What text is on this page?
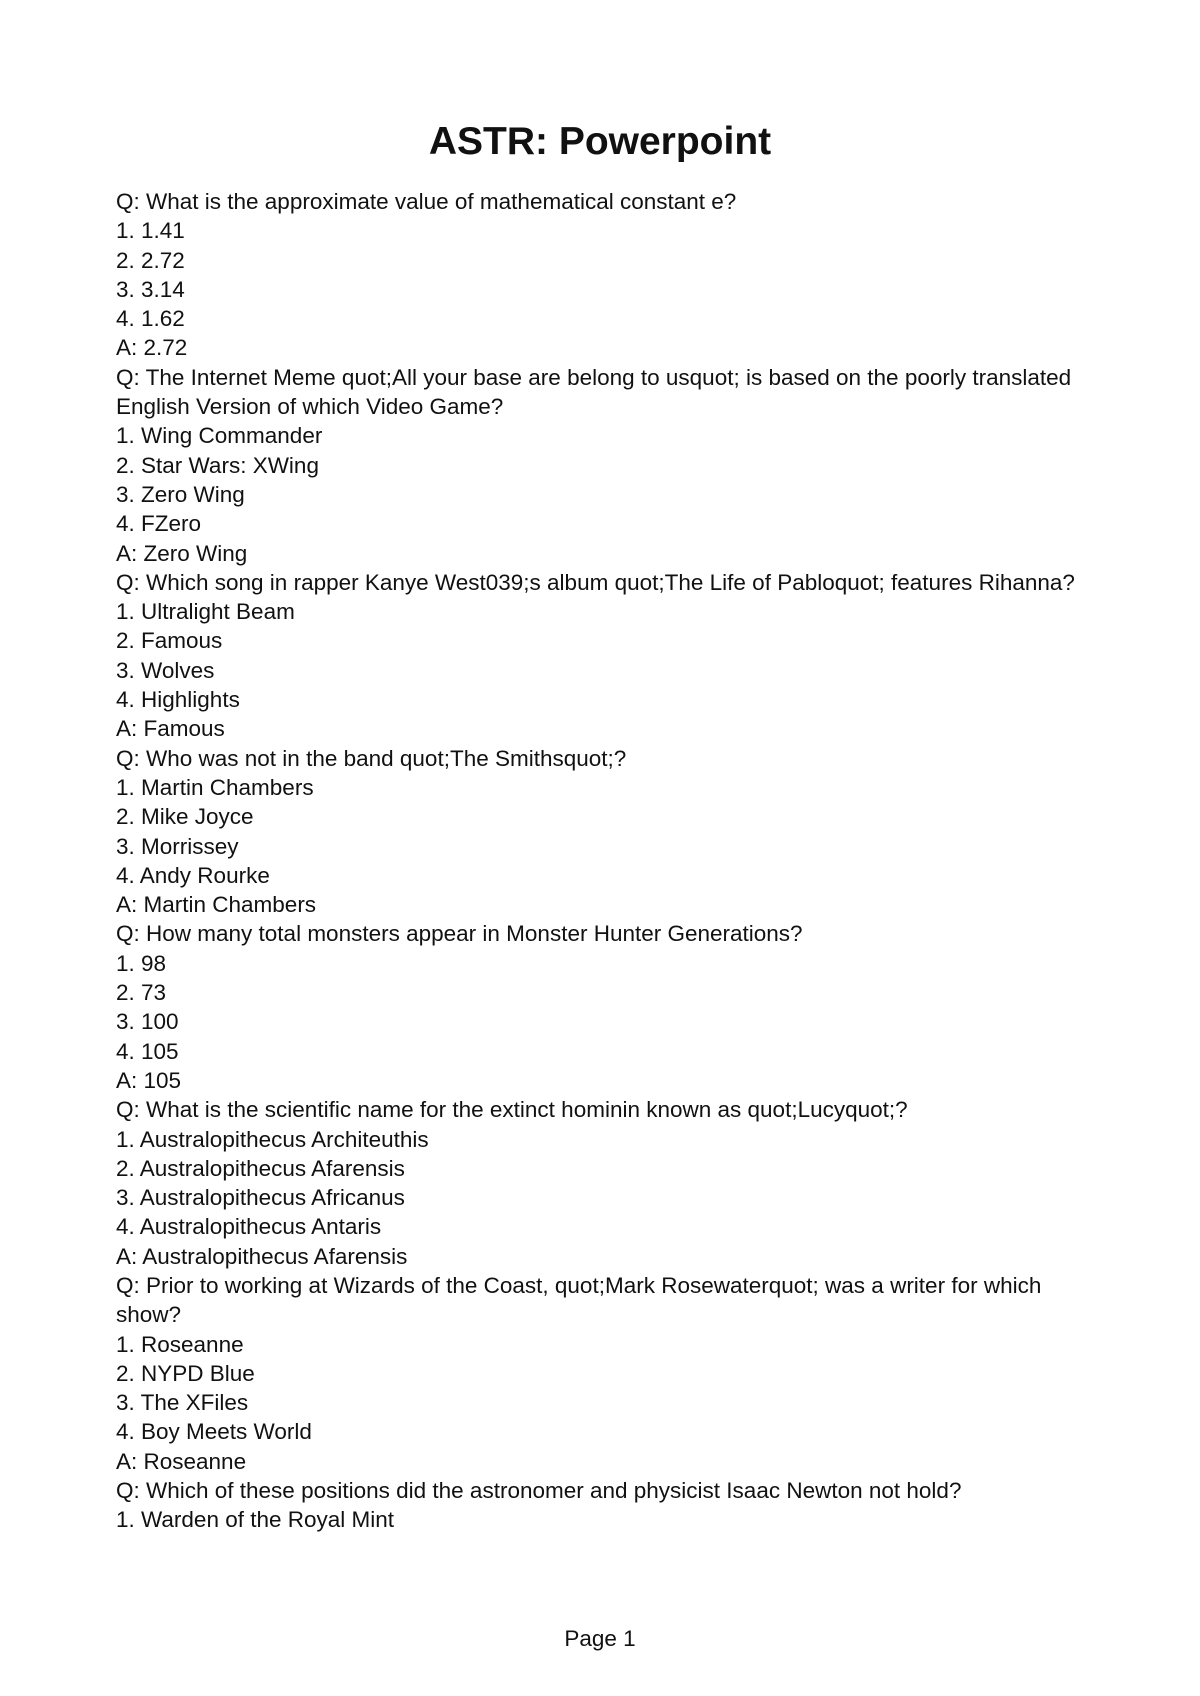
ASTR: Powerpoint

Q: What is the approximate value of mathematical constant e?

1. 1.41

2. 2.72

3. 3.14

4. 1.62

A: 2.72

Q: The Internet Meme quot;All your base are belong to usquot; is based on the poorly translated English Version of which Video Game?

1. Wing Commander

2. Star Wars: XWing

3. Zero Wing

4. FZero

A: Zero Wing

Q: Which song in rapper Kanye West039;s album quot;The Life of Pabloquot; features Rihanna?

1. Ultralight Beam

2. Famous

3. Wolves

4. Highlights

A: Famous

Q: Who was not in the band quot;The Smithsquot;?

1. Martin Chambers

2. Mike Joyce

3. Morrissey

4. Andy Rourke

A: Martin Chambers

Q: How many total monsters appear in Monster Hunter Generations?

1. 98

2. 73

3. 100

4. 105

A: 105

Q: What is the scientific name for the extinct hominin known as quot;Lucyquot;?

1. Australopithecus Architeuthis

2. Australopithecus Afarensis

3. Australopithecus Africanus

4. Australopithecus Antaris

A: Australopithecus Afarensis

Q: Prior to working at Wizards of the Coast, quot;Mark Rosewaterquot; was a writer for which show?

1. Roseanne

2. NYPD Blue

3. The XFiles

4. Boy Meets World

A: Roseanne

Q: Which of these positions did the astronomer and physicist Isaac Newton not hold?

1. Warden of the Royal Mint

Page 1
